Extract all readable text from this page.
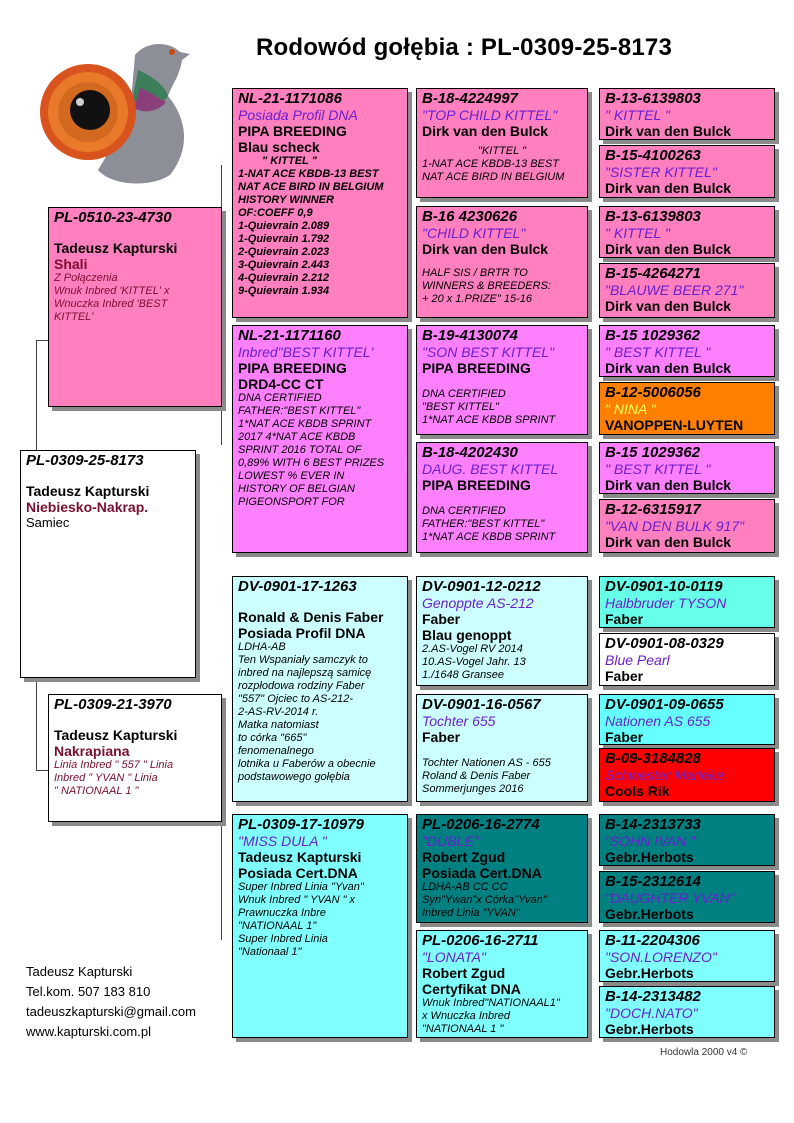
Rodowód gołębia : PL-0309-25-8173
PL-0309-25-8173
Tadeusz Kapturski
Niebiesko-Nakrap.
Samiec
PL-0510-23-4730
Tadeusz Kapturski
Shali
Z Połączenia
Wnuk Inbred 'KITTEL' x
Wnuczka Inbred 'BEST
KITTEL'
PL-0309-21-3970
Tadeusz Kapturski
Nakrapiana
Linia Inbred " 557 " Linia
Inbred " YVAN " Linia
" NATIONAAL 1 "
NL-21-1171086
Posiada Profil DNA
PIPA BREEDING
Blau scheck
" KITTEL "
1-NAT ACE KBDB-13 BEST
NAT ACE BIRD IN BELGIUM
HISTORY WINNER
OF:COEFF 0,9
1-Quievrain 2.089
1-Quievrain 1.792
2-Quievrain 2.023
3-Quievrain 2.443
4-Quievrain 2.212
9-Quievrain 1.934
NL-21-1171160
Inbred"BEST KITTEL'
PIPA BREEDING
DRD4-CC CT
DNA CERTIFIED
FATHER:"BEST KITTEL"
1*NAT ACE KBDB SPRINT
2017 4*NAT ACE KBDB
SPRINT 2016 TOTAL OF
0,89% WITH 6 BEST PRIZES
LOWEST % EVER IN
HISTORY OF BELGIAN
PIGEONSPORT FOR
DV-0901-17-1263
Ronald & Denis Faber
Posiada Profil DNA
LDHA-AB
Ten Wspaniały samczyk to
inbred na najlepszą samicę
rozpłodowa rodziny Faber
"557" Ojciec to AS-212-
2-AS-RV-2014 r.
Matka natomiast
to córka "665"
fenomenalnego
lotnika u Faberów a obecnie
podstawowego gołębia
PL-0309-17-10979
"MISS DULA "
Tadeusz Kapturski
Posiada Cert.DNA
Super Inbred Linia ''Yvan"
Wnuk Inbred " YVAN " x
Prawnuczka Inbre
"NATIONAAL 1"
Super Inbred Linia
"Nationaal 1"
B-18-4224997
"TOP CHILD KITTEL"
Dirk van den Bulck
"KITTEL "
1-NAT ACE KBDB-13 BEST
NAT ACE BIRD IN BELGIUM
B-16 4230626
"CHILD KITTEL"
Dirk van den Bulck
HALF SIS / BRTR TO
WINNERS & BREEDERS:
+ 20 x 1.PRIZE" 15-16
B-19-4130074
"SON BEST KITTEL"
PIPA BREEDING
DNA CERTIFIED
"BEST KITTEL"
1*NAT ACE KBDB SPRINT
B-18-4202430
DAUG. BEST KITTEL
PIPA BREEDING
DNA CERTIFIED
FATHER:"BEST KITTEL"
1*NAT ACE KBDB SPRINT
DV-0901-12-0212
Genoppte AS-212
Faber
Blau genoppt
2.AS-Vogel RV 2014
10.AS-Vogel Jahr. 13
1./1648 Gransee
DV-0901-16-0567
Tochter 655
Faber
Tochter Nationen AS - 655
Roland & Denis Faber
Sommerjunges 2016
PL-0206-16-2774
"DUBLE"
Robert Zgud
Posiada Cert.DNA
LDHA-AB CC CC
Syn"Ywan"x Córka"Yvan"
Inbred Linia "YVAN"
PL-0206-16-2711
"LONATA"
Robert Zgud
Certyfikat DNA
Wnuk Inbred"NATIONAAL1"
x Wnuczka Inbred
"NATIONAAL 1 "
B-13-6139803
" KITTEL "
Dirk van den Bulck
B-15-4100263
"SISTER KITTEL"
Dirk van den Bulck
B-13-6139803
" KITTEL "
Dirk van den Bulck
B-15-4264271
"BLAUWE BEER 271"
Dirk van den Bulck
B-15 1029362
" BEST KITTEL "
Dirk van den Bulck
B-12-5006056
" NINA "
VANOPPEN-LUYTEN
B-15 1029362
" BEST KITTEL "
Dirk van den Bulck
B-12-6315917
"VAN DEN BULK 917"
Dirk van den Bulck
DV-0901-10-0119
Halbbruder TYSON
Faber
DV-0901-08-0329
Blue Pearl
Faber
DV-0901-09-0655
Nationen AS 655
Faber
B-09-3184828
Schwester Marieke
Cools Rik
B-14-2313733
"SOHN IVAN "
Gebr.Herbots
B-15-2312614
"DAUGHTER YVAN"
Gebr.Herbots
B-11-2204306
"SON.LORENZO"
Gebr.Herbots
B-14-2313482
"DOCH.NATO"
Gebr.Herbots
Tadeusz Kapturski
Tel.kom. 507 183 810
tadeuszkapturski@gmail.com
www.kapturski.com.pl
Hodowla 2000 v4 ©
